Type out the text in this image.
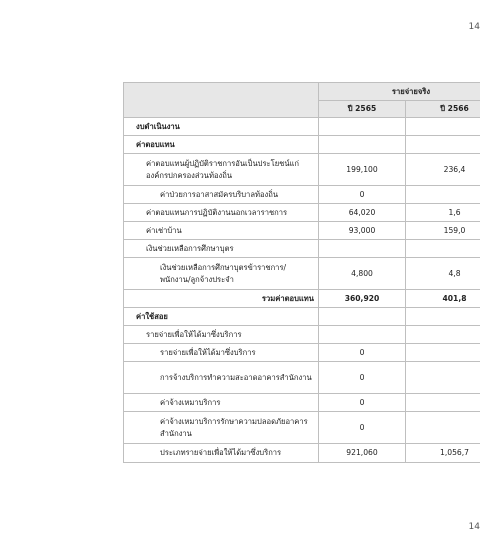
14
	รายจ่ายจริง	
	ปี 2565	ปี 2566
งบดำเนินงาน		
ค่าตอบแทน		
ค่าตอบแทนผู้ปฏิบัติราชการอันเป็นประโยชน์แก่องค์กรปกครองส่วนท้องถิ่น	199,100	236,4
ค่าป่วยการอาสาสมัครบริบาลท้องถิ่น	0	
ค่าตอบแทนการปฏิบัติงานนอกเวลาราชการ	64,020	1,6
ค่าเช่าบ้าน	93,000	159,0
เงินช่วยเหลือการศึกษาบุตร		
เงินช่วยเหลือการศึกษาบุตรข้าราชการ/พนักงาน/ลูกจ้างประจำ	4,800	4,8
รวมค่าตอบแทน	360,920	401,8
ค่าใช้สอย		
รายจ่ายเพื่อให้ได้มาซึ่งบริการ		
รายจ่ายเพื่อให้ได้มาซึ่งบริการ	0	
การจ้างบริการทำความสะอาดอาคารสำนักงาน	0	
ค่าจ้างเหมาบริการ	0	
ค่าจ้างเหมาบริการรักษาความปลอดภัยอาคารสำนักงาน	0	
ประเภทรายจ่ายเพื่อให้ได้มาซึ่งบริการ	921,060	1,056,7
14
